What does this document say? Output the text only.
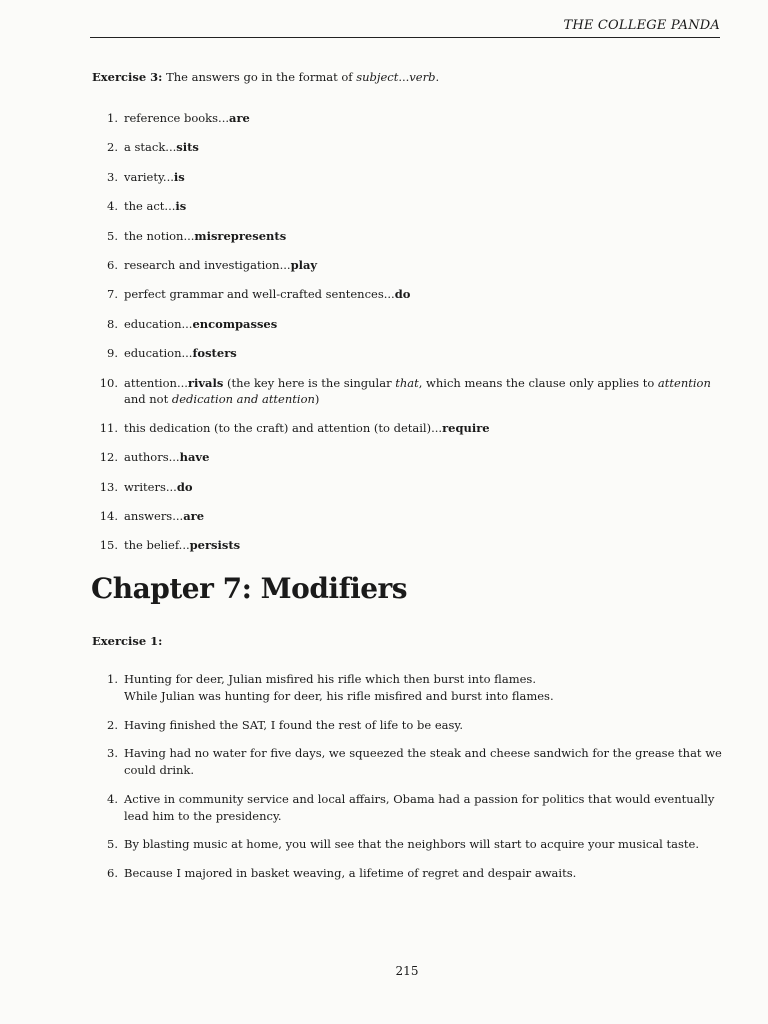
THE COLLEGE PANDA
Exercise 3: The answers go in the format of subject...verb.
1. reference books...are
2. a stack...sits
3. variety...is
4. the act...is
5. the notion...misrepresents
6. research and investigation...play
7. perfect grammar and well-crafted sentences...do
8. education...encompasses
9. education...fosters
10. attention...rivals (the key here is the singular that, which means the clause only applies to attention and not dedication and attention)
11. this dedication (to the craft) and attention (to detail)...require
12. authors...have
13. writers...do
14. answers...are
15. the belief...persists
Chapter 7: Modifiers
Exercise 1:
1. Hunting for deer, Julian misfired his rifle which then burst into flames.
While Julian was hunting for deer, his rifle misfired and burst into flames.
2. Having finished the SAT, I found the rest of life to be easy.
3. Having had no water for five days, we squeezed the steak and cheese sandwich for the grease that we could drink.
4. Active in community service and local affairs, Obama had a passion for politics that would eventually lead him to the presidency.
5. By blasting music at home, you will see that the neighbors will start to acquire your musical taste.
6. Because I majored in basket weaving, a lifetime of regret and despair awaits.
215
